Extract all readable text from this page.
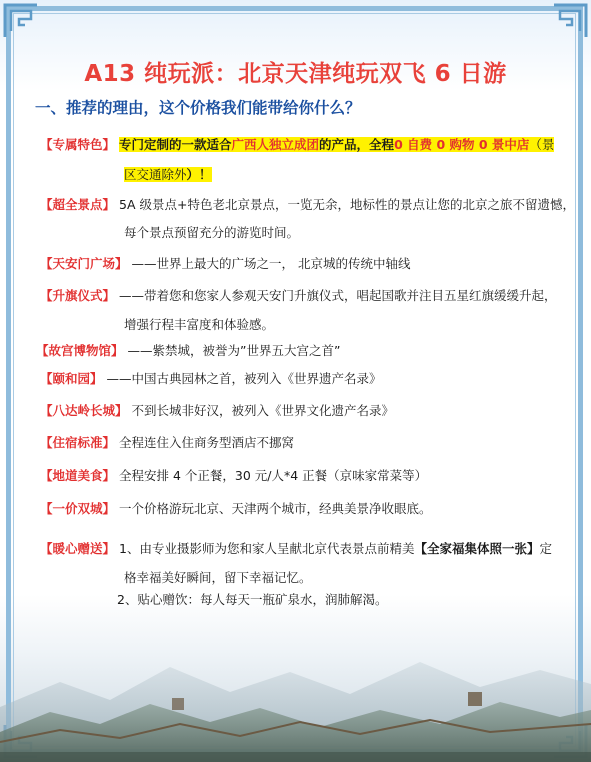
A13 纯玩派：北京天津纯玩双飞 6 日游
一、推荐的理由，这个价格我们能带给你什么？
【专属特色】 专门定制的一款适合广西人独立成团的产品，全程0 自费 0 购物 0 景中店（景
区交通除外）！
【超全景点】 5A 级景点+特色老北京景点，一览无余，地标性的景点让您的北京之旅不留遗憾，
每个景点预留充分的游览时间。
【天安门广场】 ——世界上最大的广场之一， 北京城的传统中轴线
【升旗仪式】 ——带着您和您家人参观天安门升旗仪式，唱起国歌并注目五星红旗缓缓升起，
增强行程丰富度和体验感。
【故宫博物馆】 ——紫禁城，被誉为”世界五大宫之首”
【颐和园】 ——中国古典园林之首，被列入《世界遗产名录》
【八达岭长城】 不到长城非好汉，被列入《世界文化遗产名录》
【住宿标准】 全程连住入住商务型酒店不挪窝
【地道美食】 全程安排 4 个正餐，30 元/人*4 正餐（京味家常菜等）
【一价双城】 一个价格游玩北京、天津两个城市，经典美景净收眼底。
【暖心赠送】 1、由专业摄影师为您和家人呈献北京代表景点前精美【全家福集体照一张】定
格幸福美好瞬间，留下幸福记忆。
2、贴心赠饮：每人每天一瓶矿泉水，润肺解渴。
